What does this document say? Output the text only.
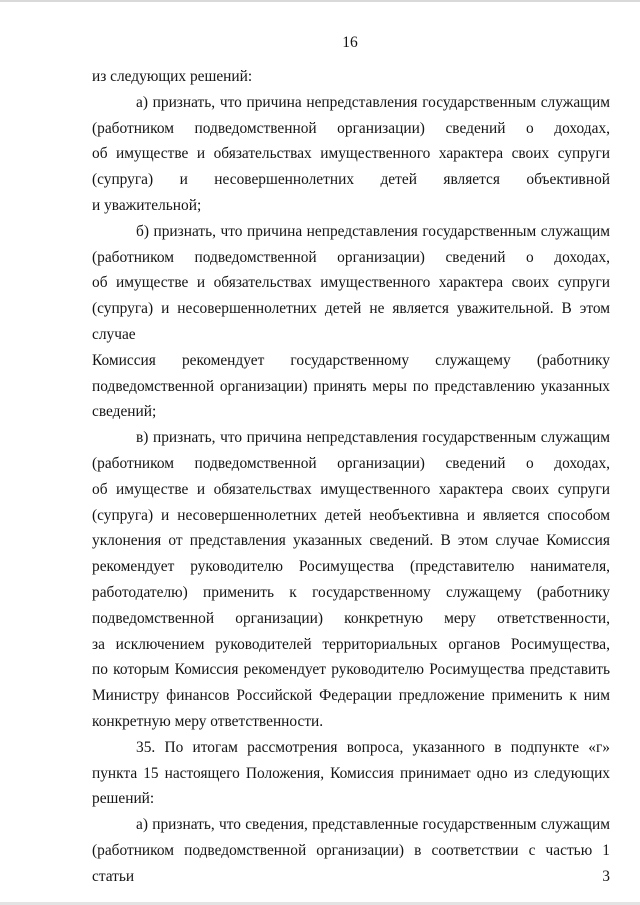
16
из следующих решений:
а) признать, что причина непредставления государственным служащим
(работником подведомственной организации) сведений о доходах,
об имуществе и обязательствах имущественного характера своих супруги
(супруга) и несовершеннолетних детей является объективной
и уважительной;
б) признать, что причина непредставления государственным служащим
(работником подведомственной организации) сведений о доходах,
об имуществе и обязательствах имущественного характера своих супруги
(супруга) и несовершеннолетних детей не является уважительной. В этом случае
Комиссия рекомендует государственному служащему (работнику
подведомственной организации) принять меры по представлению указанных
сведений;
в) признать, что причина непредставления государственным служащим
(работником подведомственной организации) сведений о доходах,
об имуществе и обязательствах имущественного характера своих супруги
(супруга) и несовершеннолетних детей необъективна и является способом
уклонения от представления указанных сведений. В этом случае Комиссия
рекомендует руководителю Росимущества (представителю нанимателя,
работодателю) применить к государственному служащему (работнику
подведомственной организации) конкретную меру ответственности,
за исключением руководителей территориальных органов Росимущества,
по которым Комиссия рекомендует руководителю Росимущества представить
Министру финансов Российской Федерации предложение применить к ним
конкретную меру ответственности.
35. По итогам рассмотрения вопроса, указанного в подпункте «г»
пункта 15 настоящего Положения, Комиссия принимает одно из следующих
решений:
а) признать, что сведения, представленные государственным служащим
(работником подведомственной организации) в соответствии с частью 1 статьи 3
